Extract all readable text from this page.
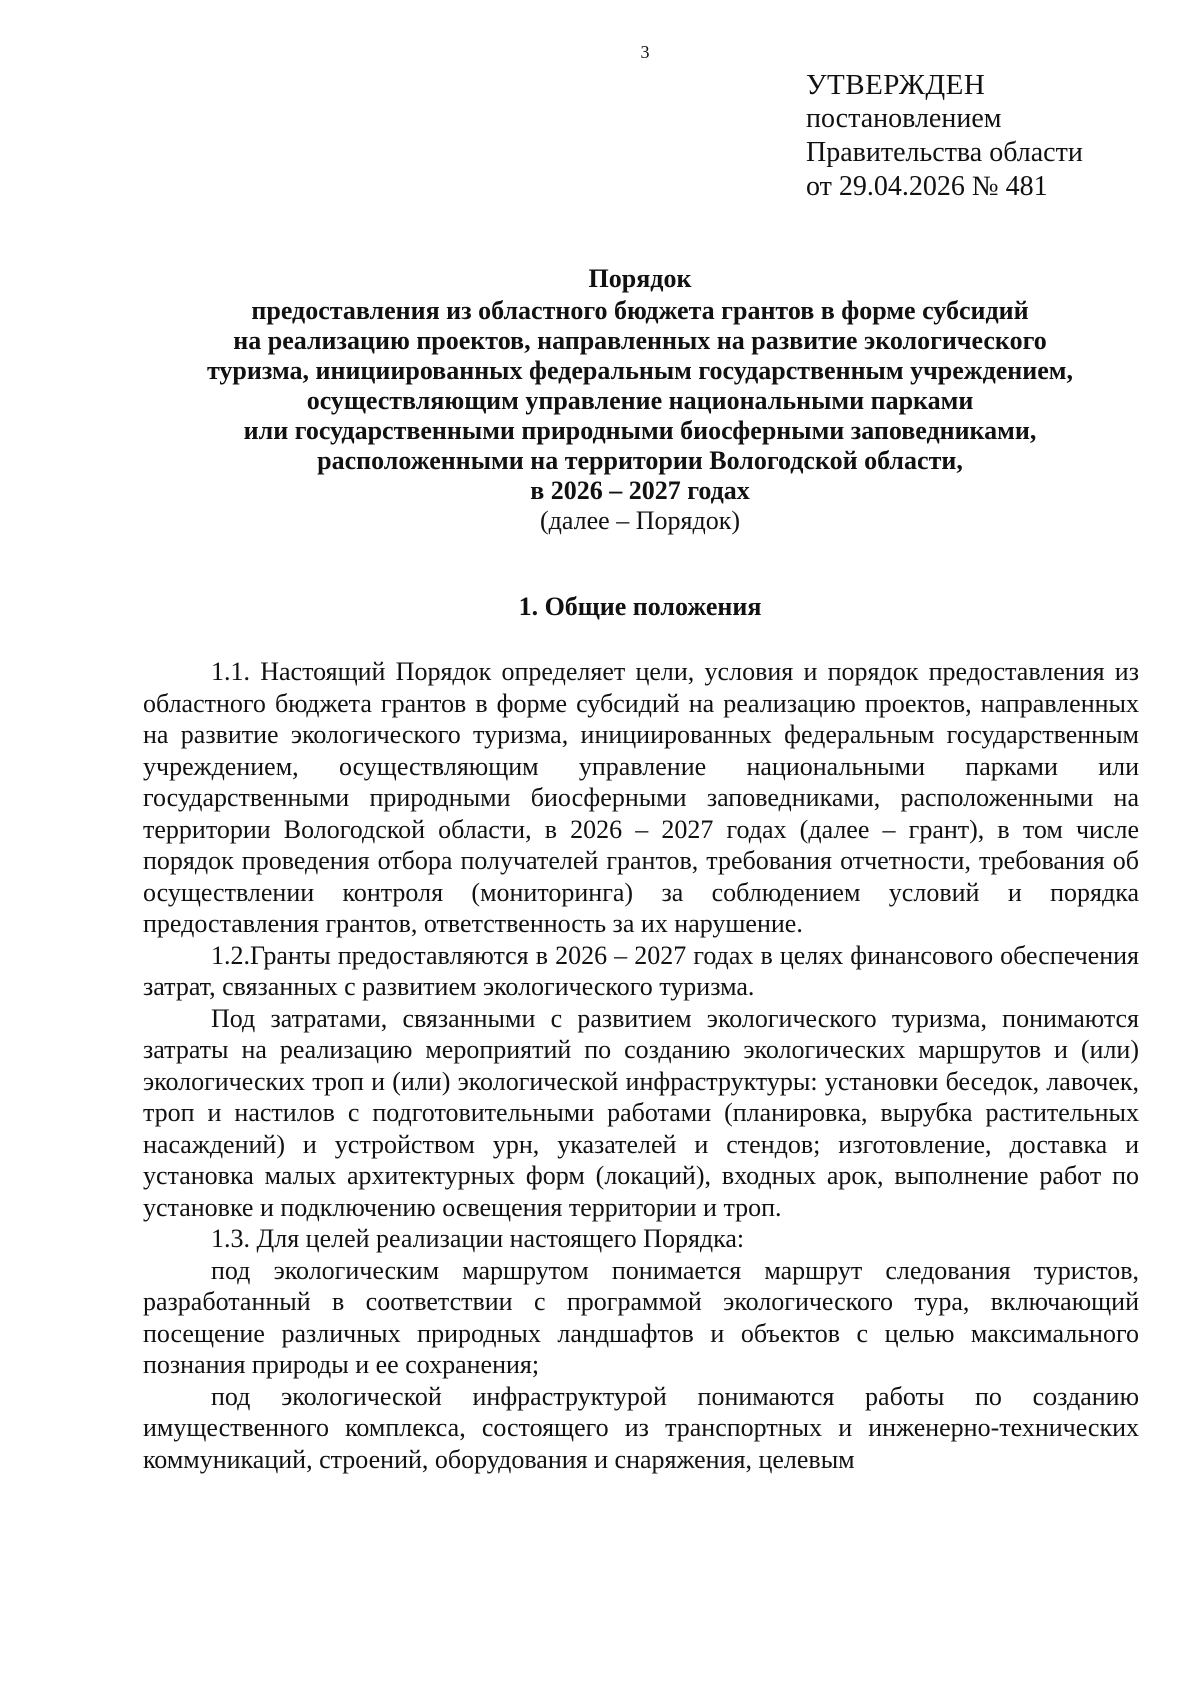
3
УТВЕРЖДЕН
постановлением
Правительства области
от 29.04.2026 № 481
Порядок
предоставления из областного бюджета грантов в форме субсидий
на реализацию проектов, направленных на развитие экологического
туризма, инициированных федеральным государственным учреждением,
осуществляющим управление национальными парками
или государственными природными биосферными заповедниками,
расположенными на территории Вологодской области,
в 2026 – 2027 годах
(далее – Порядок)
1. Общие положения

1.1. Настоящий Порядок определяет цели, условия и порядок предоставления из областного бюджета грантов в форме субсидий на реализацию проектов, направленных на развитие экологического туризма, инициированных федеральным государственным учреждением, осуществляющим управление национальными парками или государственными природными биосферными заповедниками, расположенными на территории Вологодской области, в 2026 – 2027 годах (далее – грант), в том числе порядок проведения отбора получателей грантов, требования отчетности, требования об осуществлении контроля (мониторинга) за соблюдением условий и порядка предоставления грантов, ответственность за их нарушение.

1.2.Гранты предоставляются в 2026 – 2027 годах в целях финансового обеспечения затрат, связанных с развитием экологического туризма.

Под затратами, связанными с развитием экологического туризма, понимаются затраты на реализацию мероприятий по созданию экологических маршрутов и (или) экологических троп и (или) экологической инфраструктуры: установки беседок, лавочек, троп и настилов с подготовительными работами (планировка, вырубка растительных насаждений) и устройством урн, указателей и стендов; изготовление, доставка и установка малых архитектурных форм (локаций), входных арок, выполнение работ по установке и подключению освещения территории и троп.

1.3. Для целей реализации настоящего Порядка:

под экологическим маршрутом понимается маршрут следования туристов, разработанный в соответствии с программой экологического тура, включающий посещение различных природных ландшафтов и объектов с целью максимального познания природы и ее сохранения;

под экологической инфраструктурой понимаются работы по созданию имущественного комплекса, состоящего из транспортных и инженерно-технических коммуникаций, строений, оборудования и снаряжения, целевым
